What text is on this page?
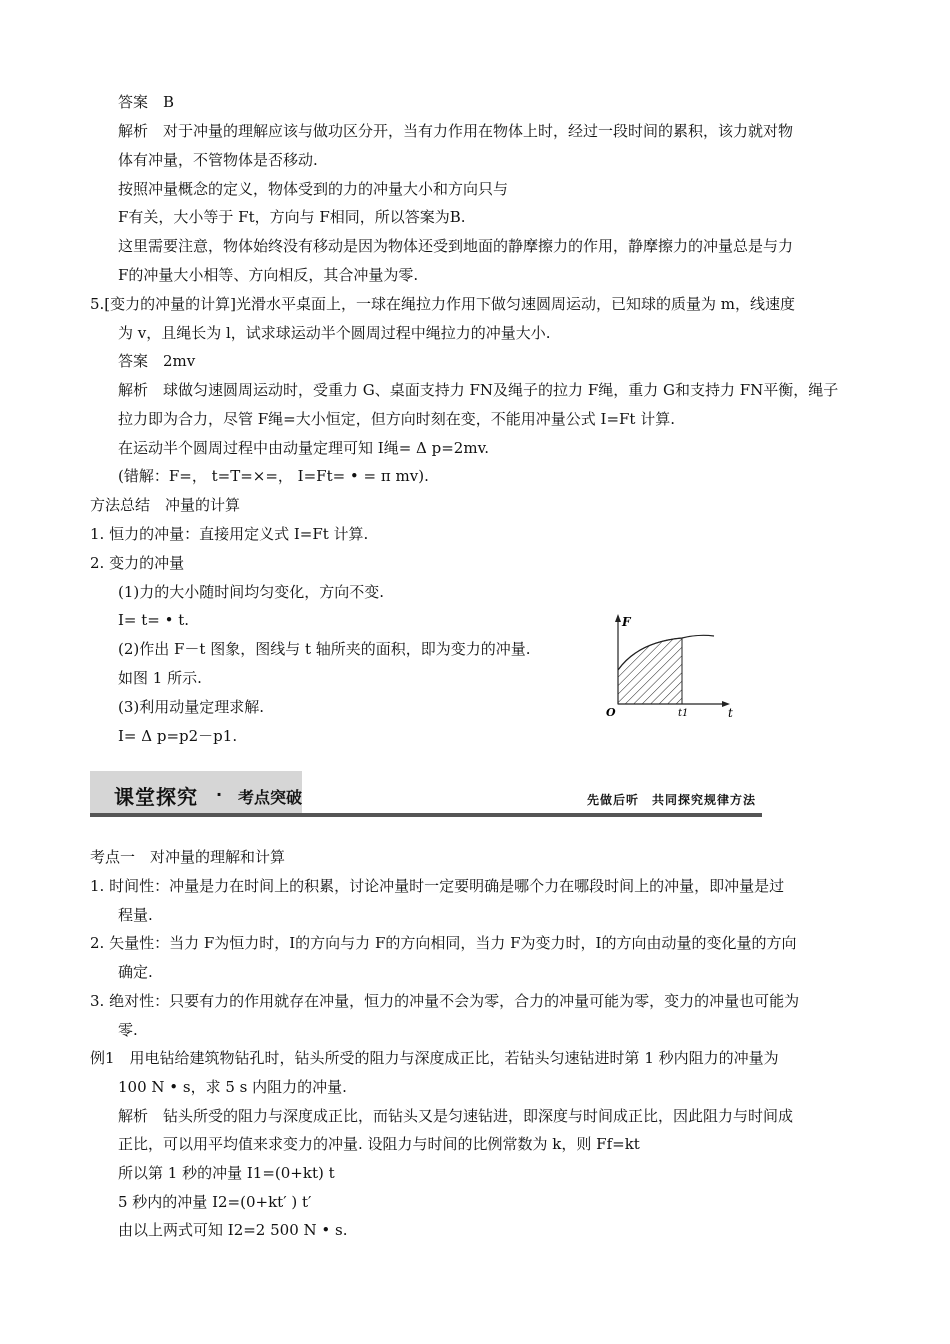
答案　B
解析　对于冲量的理解应该与做功区分开，当有力作用在物体上时，经过一段时间的累积，该力就对物
体有冲量，不管物体是否移动.
按照冲量概念的定义，物体受到的力的冲量大小和方向只与
F有关，大小等于 Ft，方向与 F相同，所以答案为B.
这里需要注意，物体始终没有移动是因为物体还受到地面的静摩擦力的作用，静摩擦力的冲量总是与力
F的冲量大小相等、方向相反，其合冲量为零.
5.[变力的冲量的计算]光滑水平桌面上，一球在绳拉力作用下做匀速圆周运动，已知球的质量为 m，线速度
为 v，且绳长为 l，试求球运动半个圆周过程中绳拉力的冲量大小.
答案　2mv
解析　球做匀速圆周运动时，受重力 G、桌面支持力 FN及绳子的拉力 F绳，重力 G和支持力 FN平衡，绳子
拉力即为合力，尽管 F绳=大小恒定，但方向时刻在变，不能用冲量公式 I=Ft 计算.
在运动半个圆周过程中由动量定理可知 I绳= Δ p=2mv.
(错解：F=， t=T=×=， I=Ft= • = π mv).
方法总结　冲量的计算
1. 恒力的冲量：直接用定义式 I=Ft 计算.
2. 变力的冲量
(1)力的大小随时间均匀变化，方向不变.
I= t= • t.
(2)作出 F－t 图象，图线与 t 轴所夹的面积，即为变力的冲量.
如图 1 所示.
(3)利用动量定理求解.
I= Δ p=p2－p1.
F
t
O	t1
课堂探究 · 考点突破	先做后听　共同探究规律方法
考点一　对冲量的理解和计算
1. 时间性：冲量是力在时间上的积累，讨论冲量时一定要明确是哪个力在哪段时间上的冲量，即冲量是过
程量.
2. 矢量性：当力 F为恒力时，I的方向与力 F的方向相同，当力 F为变力时，I的方向由动量的变化量的方向
确定.
3. 绝对性：只要有力的作用就存在冲量，恒力的冲量不会为零，合力的冲量可能为零，变力的冲量也可能为
零.
例1　用电钻给建筑物钻孔时，钻头所受的阻力与深度成正比，若钻头匀速钻进时第 1 秒内阻力的冲量为
100 N • s，求 5 s 内阻力的冲量.
解析　钻头所受的阻力与深度成正比，而钻头又是匀速钻进，即深度与时间成正比，因此阻力与时间成
正比，可以用平均值来求变力的冲量. 设阻力与时间的比例常数为 k，则 Ff=kt
所以第 1 秒的冲量 I1=(0+kt) t
5 秒内的冲量 I2=(0+kt′ ) t′
由以上两式可知 I2=2 500 N • s.
